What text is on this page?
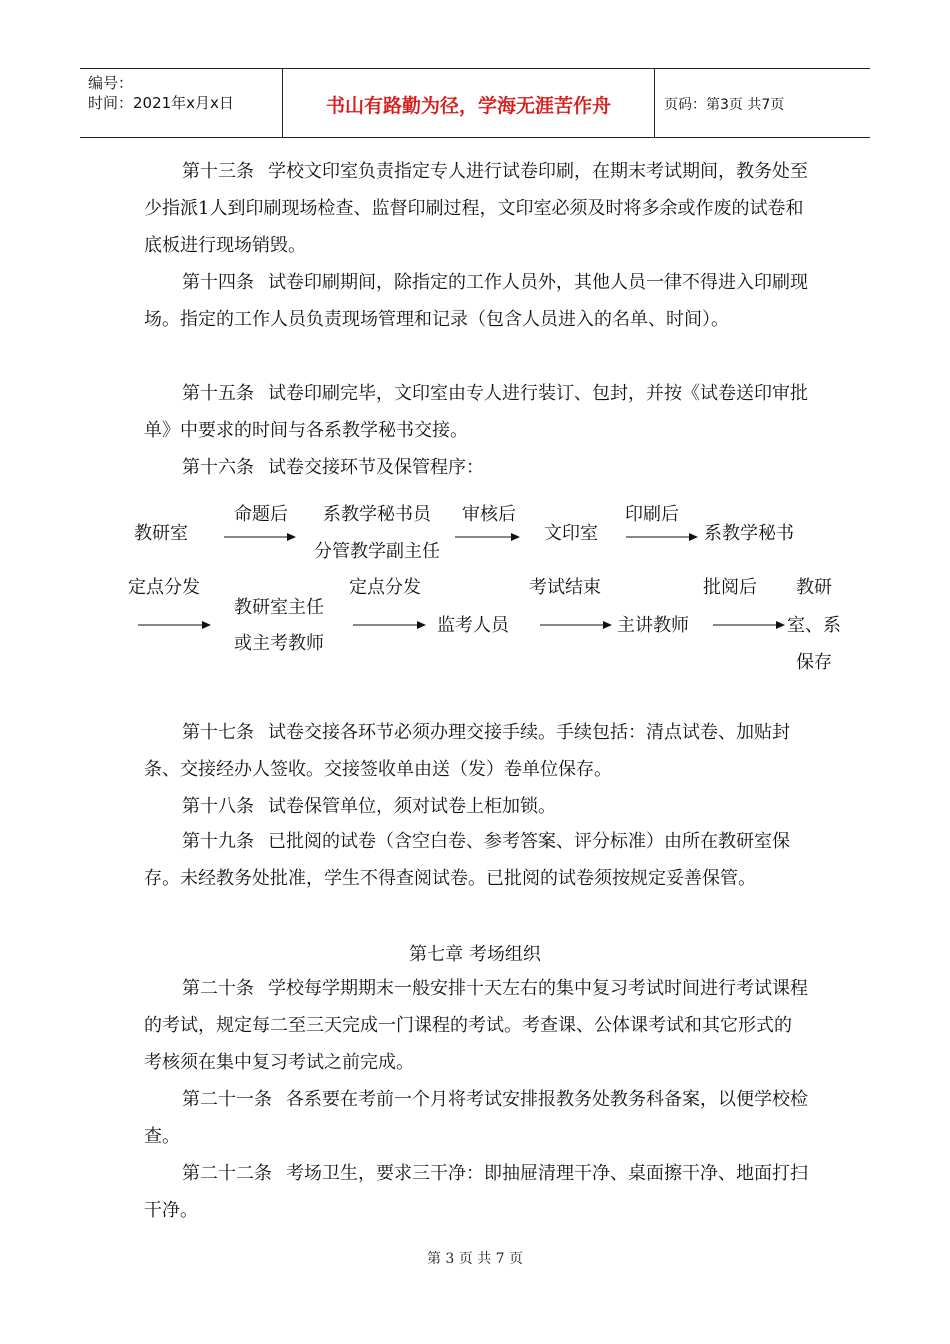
编号：
时间：2021年x月x日	书山有路勤为径，学海无涯苦作舟	页码：第3页 共7页
第十三条 学校文印室负责指定专人进行试卷印刷，在期末考试期间，教务处至少指派1人到印刷现场检查、监督印刷过程，文印室必须及时将多余或作废的试卷和底板进行现场销毁。
第十四条 试卷印刷期间，除指定的工作人员外，其他人员一律不得进入印刷现场。指定的工作人员负责现场管理和记录（包含人员进入的名单、时间）。
第十五条 试卷印刷完毕，文印室由专人进行装订、包封，并按《试卷送印审批单》中要求的时间与各系教学秘书交接。
第十六条 试卷交接环节及保管程序：
教研室
命题后 系教学秘书员
分管教学副主任
审核后
文印室
印刷后
系教学秘书
定点分发
教研室主任
或主考教师
定点分发
监考人员
考试结束
主讲教师
批阅后	教研
室、系
保存
第十七条 试卷交接各环节必须办理交接手续。手续包括：清点试卷、加贴封条、交接经办人签收。交接签收单由送（发）卷单位保存。
第十八条 试卷保管单位，须对试卷上柜加锁。
第十九条 已批阅的试卷（含空白卷、参考答案、评分标准）由所在教研室保存。未经教务处批准，学生不得查阅试卷。已批阅的试卷须按规定妥善保管。
第七章 考场组织
第二十条 学校每学期期末一般安排十天左右的集中复习考试时间进行考试课程的考试，规定每二至三天完成一门课程的考试。考查课、公体课考试和其它形式的考核须在集中复习考试之前完成。
第二十一条 各系要在考前一个月将考试安排报教务处教务科备案，以便学校检查。
第二十二条 考场卫生，要求三干净：即抽屉清理干净、桌面擦干净、地面打扫干净。
第 3 页 共 7 页
